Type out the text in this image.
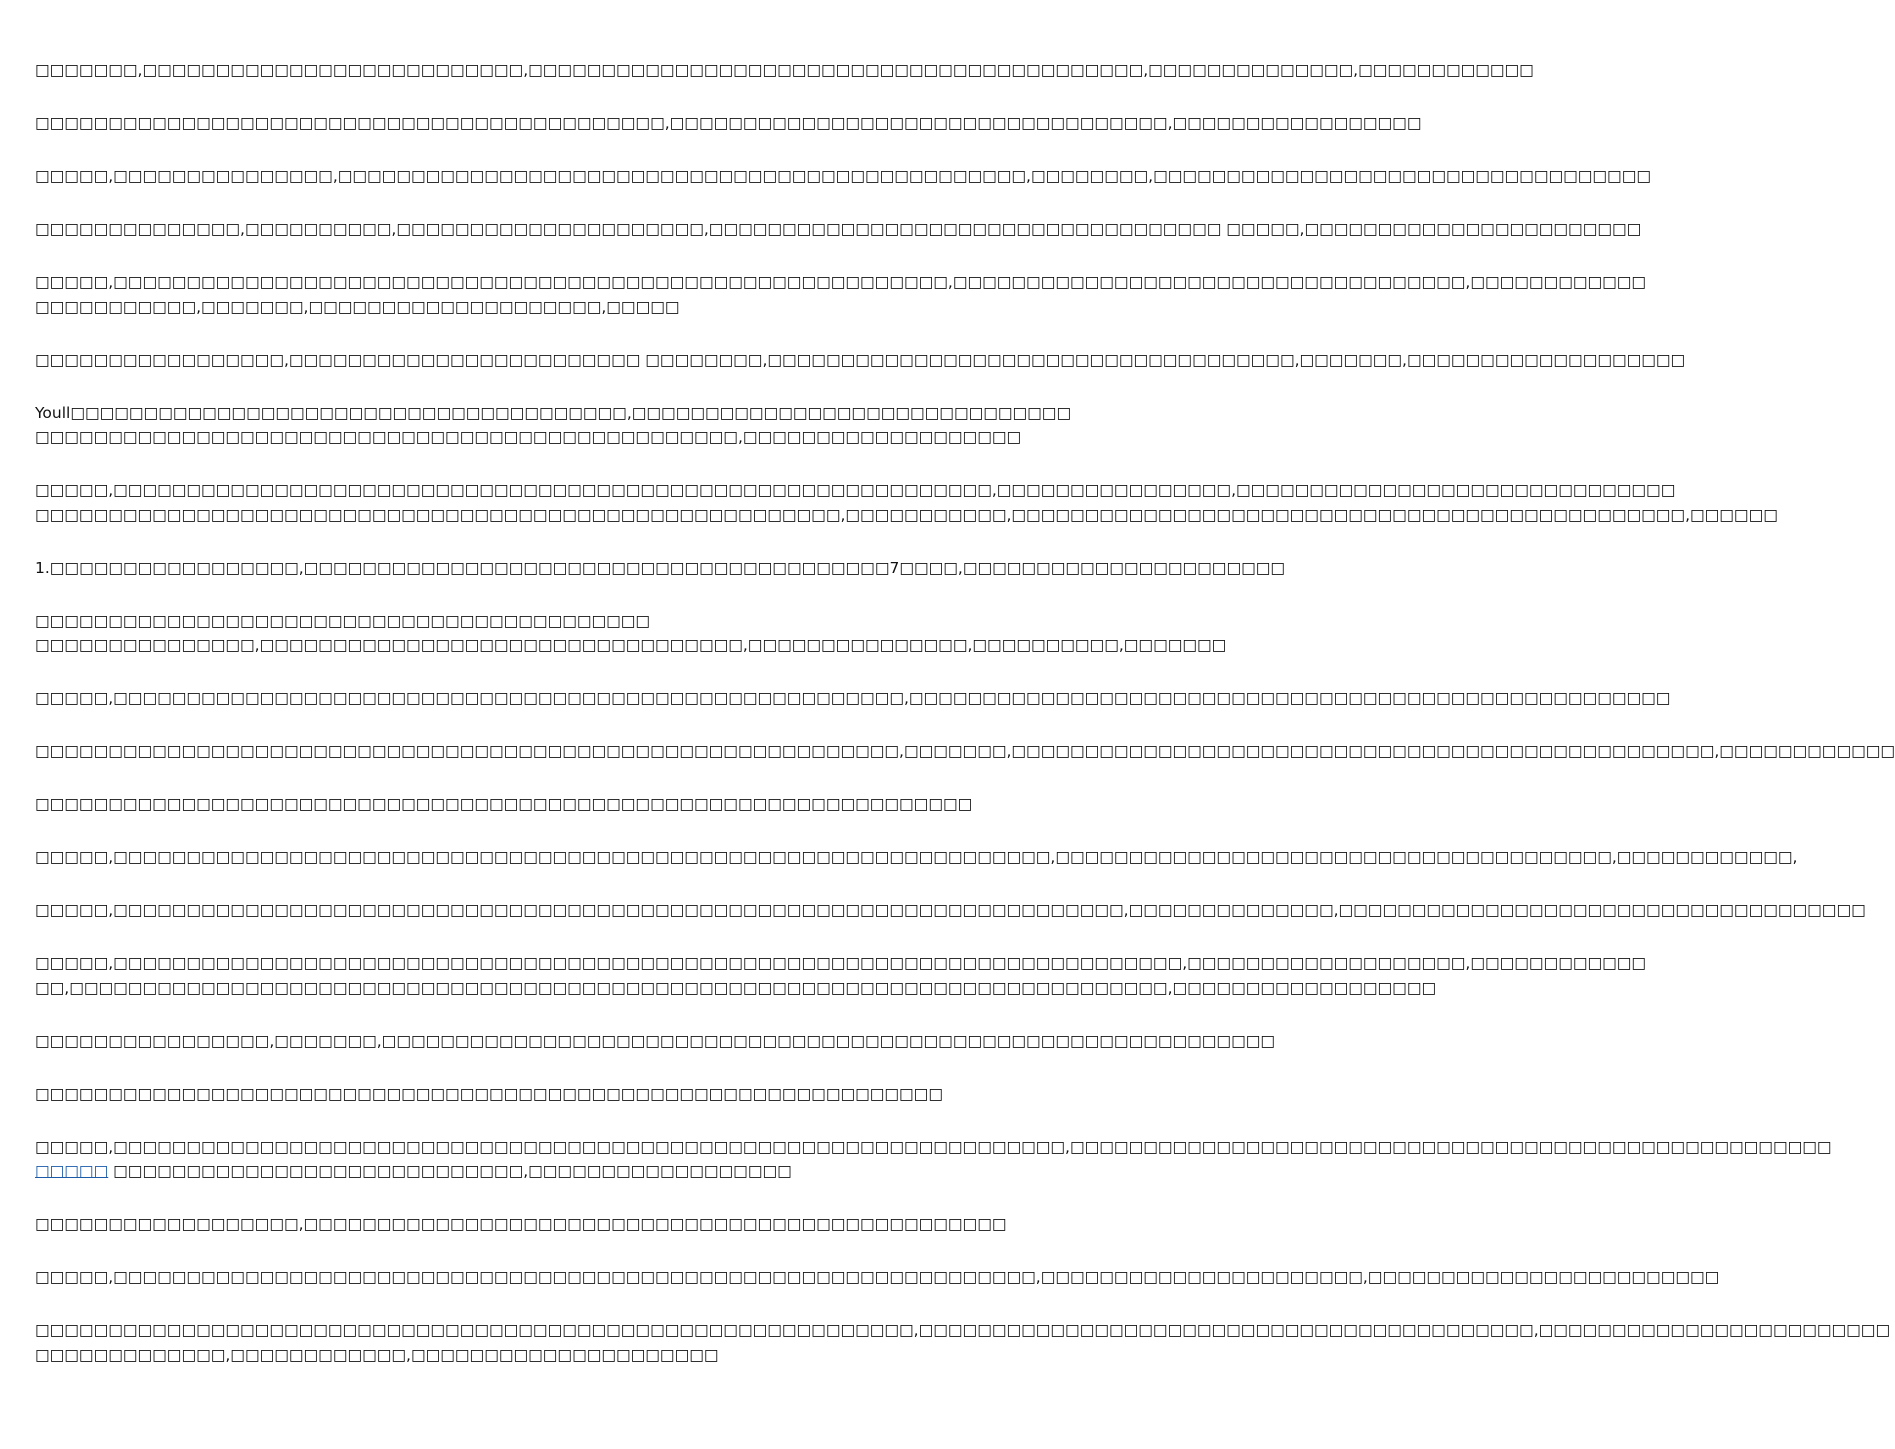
□□□□□□□,□□□□□□□□□□□□□□□□□□□□□□□□□□,□□□□□□□□□□□□□□□□□□□□□□□□□□□□□□□□□□□□□□□□□□,□□□□□□□□□□□□□□,□□□□□□□□□□□□

□□□□□□□□□□□□□□□□□□□□□□□□□□□□□□□□□□□□□□□□□□□,□□□□□□□□□□□□□□□□□□□□□□□□□□□□□□□□□□,□□□□□□□□□□□□□□□□□

□□□□□,□□□□□□□□□□□□□□□,□□□□□□□□□□□□□□□□□□□□□□□□□□□□□□□□□□□□□□□□□□□□□□□,□□□□□□□□,□□□□□□□□□□□□□□□□□□□□□□□□□□□□□□□□□□

□□□□□□□□□□□□□□,□□□□□□□□□□,□□□□□□□□□□□□□□□□□□□□□,□□□□□□□□□□□□□□□□□□□□□□□□□□□□□□□□□□□ □□□□□,□□□□□□□□□□□□□□□□□□□□□□□

□□□□□,□□□□□□□□□□□□□□□□□□□□□□□□□□□□□□□□□□□□□□□□□□□□□□□□□□□□□□□□□,□□□□□□□□□□□□□□□□□□□□□□□□□□□□□□□□□□□,□□□□□□□□□□□□
□□□□□□□□□□□,□□□□□□□,□□□□□□□□□□□□□□□□□□□□,□□□□□

□□□□□□□□□□□□□□□□□,□□□□□□□□□□□□□□□□□□□□□□□□ □□□□□□□□,□□□□□□□□□□□□□□□□□□□□□□□□□□□□□□□□□□□□,□□□□□□□,□□□□□□□□□□□□□□□□□□□

Youll□□□□□□□□□□□□□□□□□□□□□□□□□□□□□□□□□□□□□□,□□□□□□□□□□□□□□□□□□□□□□□□□□□□□□
□□□□□□□□□□□□□□□□□□□□□□□□□□□□□□□□□□□□□□□□□□□□□□□□,□□□□□□□□□□□□□□□□□□□

□□□□□,□□□□□□□□□□□□□□□□□□□□□□□□□□□□□□□□□□□□□□□□□□□□□□□□□□□□□□□□□□□□,□□□□□□□□□□□□□□□□,□□□□□□□□□□□□□□□□□□□□□□□□□□□□□□
□□□□□□□□□□□□□□□□□□□□□□□□□□□□□□□□□□□□□□□□□□□□□□□□□□□□□□□,□□□□□□□□□□□,□□□□□□□□□□□□□□□□□□□□□□□□□□□□□□□□□□□□□□□□□□□□□□,□□□□□□

1.□□□□□□□□□□□□□□□□□,□□□□□□□□□□□□□□□□□□□□□□□□□□□□□□□□□□□□□□□□7□□□□,□□□□□□□□□□□□□□□□□□□□□□

□□□□□□□□□□□□□□□□□□□□□□□□□□□□□□□□□□□□□□□□□□
□□□□□□□□□□□□□□□,□□□□□□□□□□□□□□□□□□□□□□□□□□□□□□□□□,□□□□□□□□□□□□□□□,□□□□□□□□□□,□□□□□□□

□□□□□,□□□□□□□□□□□□□□□□□□□□□□□□□□□□□□□□□□□□□□□□□□□□□□□□□□□□□□,□□□□□□□□□□□□□□□□□□□□□□□□□□□□□□□□□□□□□□□□□□□□□□□□□□□□

□□□□□□□□□□□□□□□□□□□□□□□□□□□□□□□□□□□□□□□□□□□□□□□□□□□□□□□□□□□,□□□□□□□,□□□□□□□□□□□□□□□□□□□□□□□□□□□□□□□□□□□□□□□□□□□□□□□□,□□□□□□□□□□□□

□□□□□□□□□□□□□□□□□□□□□□□□□□□□□□□□□□□□□□□□□□□□□□□□□□□□□□□□□□□□□□□□

□□□□□,□□□□□□□□□□□□□□□□□□□□□□□□□□□□□□□□□□□□□□□□□□□□□□□□□□□□□□□□□□□□□□□□,□□□□□□□□□□□□□□□□□□□□□□□□□□□□□□□□□□□□□□,□□□□□□□□□□□□,

□□□□□,□□□□□□□□□□□□□□□□□□□□□□□□□□□□□□□□□□□□□□□□□□□□□□□□□□□□□□□□□□□□□□□□□□□□□,□□□□□□□□□□□□□□,□□□□□□□□□□□□□□□□□□□□□□□□□□□□□□□□□□□□

□□□□□,□□□□□□□□□□□□□□□□□□□□□□□□□□□□□□□□□□□□□□□□□□□□□□□□□□□□□□□□□□□□□□□□□□□□□□□□□,□□□□□□□□□□□□□□□□□□□,□□□□□□□□□□□□
□□,□□□□□□□□□□□□□□□□□□□□□□□□□□□□□□□□□□□□□□□□□□□□□□□□□□□□□□□□□□□□□□□□□□□□□□□□□□□,□□□□□□□□□□□□□□□□□□

□□□□□□□□□□□□□□□□,□□□□□□□,□□□□□□□□□□□□□□□□□□□□□□□□□□□□□□□□□□□□□□□□□□□□□□□□□□□□□□□□□□□□□

□□□□□□□□□□□□□□□□□□□□□□□□□□□□□□□□□□□□□□□□□□□□□□□□□□□□□□□□□□□□□□

□□□□□,□□□□□□□□□□□□□□□□□□□□□□□□□□□□□□□□□□□□□□□□□□□□□□□□□□□□□□□□□□□□□□□□□,□□□□□□□□□□□□□□□□□□□□□□□□□□□□□□□□□□□□□□□□□□□□□□□□□□□□
□□□□□ □□□□□□□□□□□□□□□□□□□□□□□□□□□□,□□□□□□□□□□□□□□□□□□

□□□□□□□□□□□□□□□□□□,□□□□□□□□□□□□□□□□□□□□□□□□□□□□□□□□□□□□□□□□□□□□□□□□

□□□□□,□□□□□□□□□□□□□□□□□□□□□□□□□□□□□□□□□□□□□□□□□□□□□□□□□□□□□□□□□□□□□□□,□□□□□□□□□□□□□□□□□□□□□□,□□□□□□□□□□□□□□□□□□□□□□□□

□□□□□□□□□□□□□□□□□□□□□□□□□□□□□□□□□□□□□□□□□□□□□□□□□□□□□□□□□□□□,□□□□□□□□□□□□□□□□□□□□□□□□□□□□□□□□□□□□□□□□□□,□□□□□□□□□□□□□□□□□□□□□□□□
□□□□□□□□□□□□□,□□□□□□□□□□□□,□□□□□□□□□□□□□□□□□□□□□
